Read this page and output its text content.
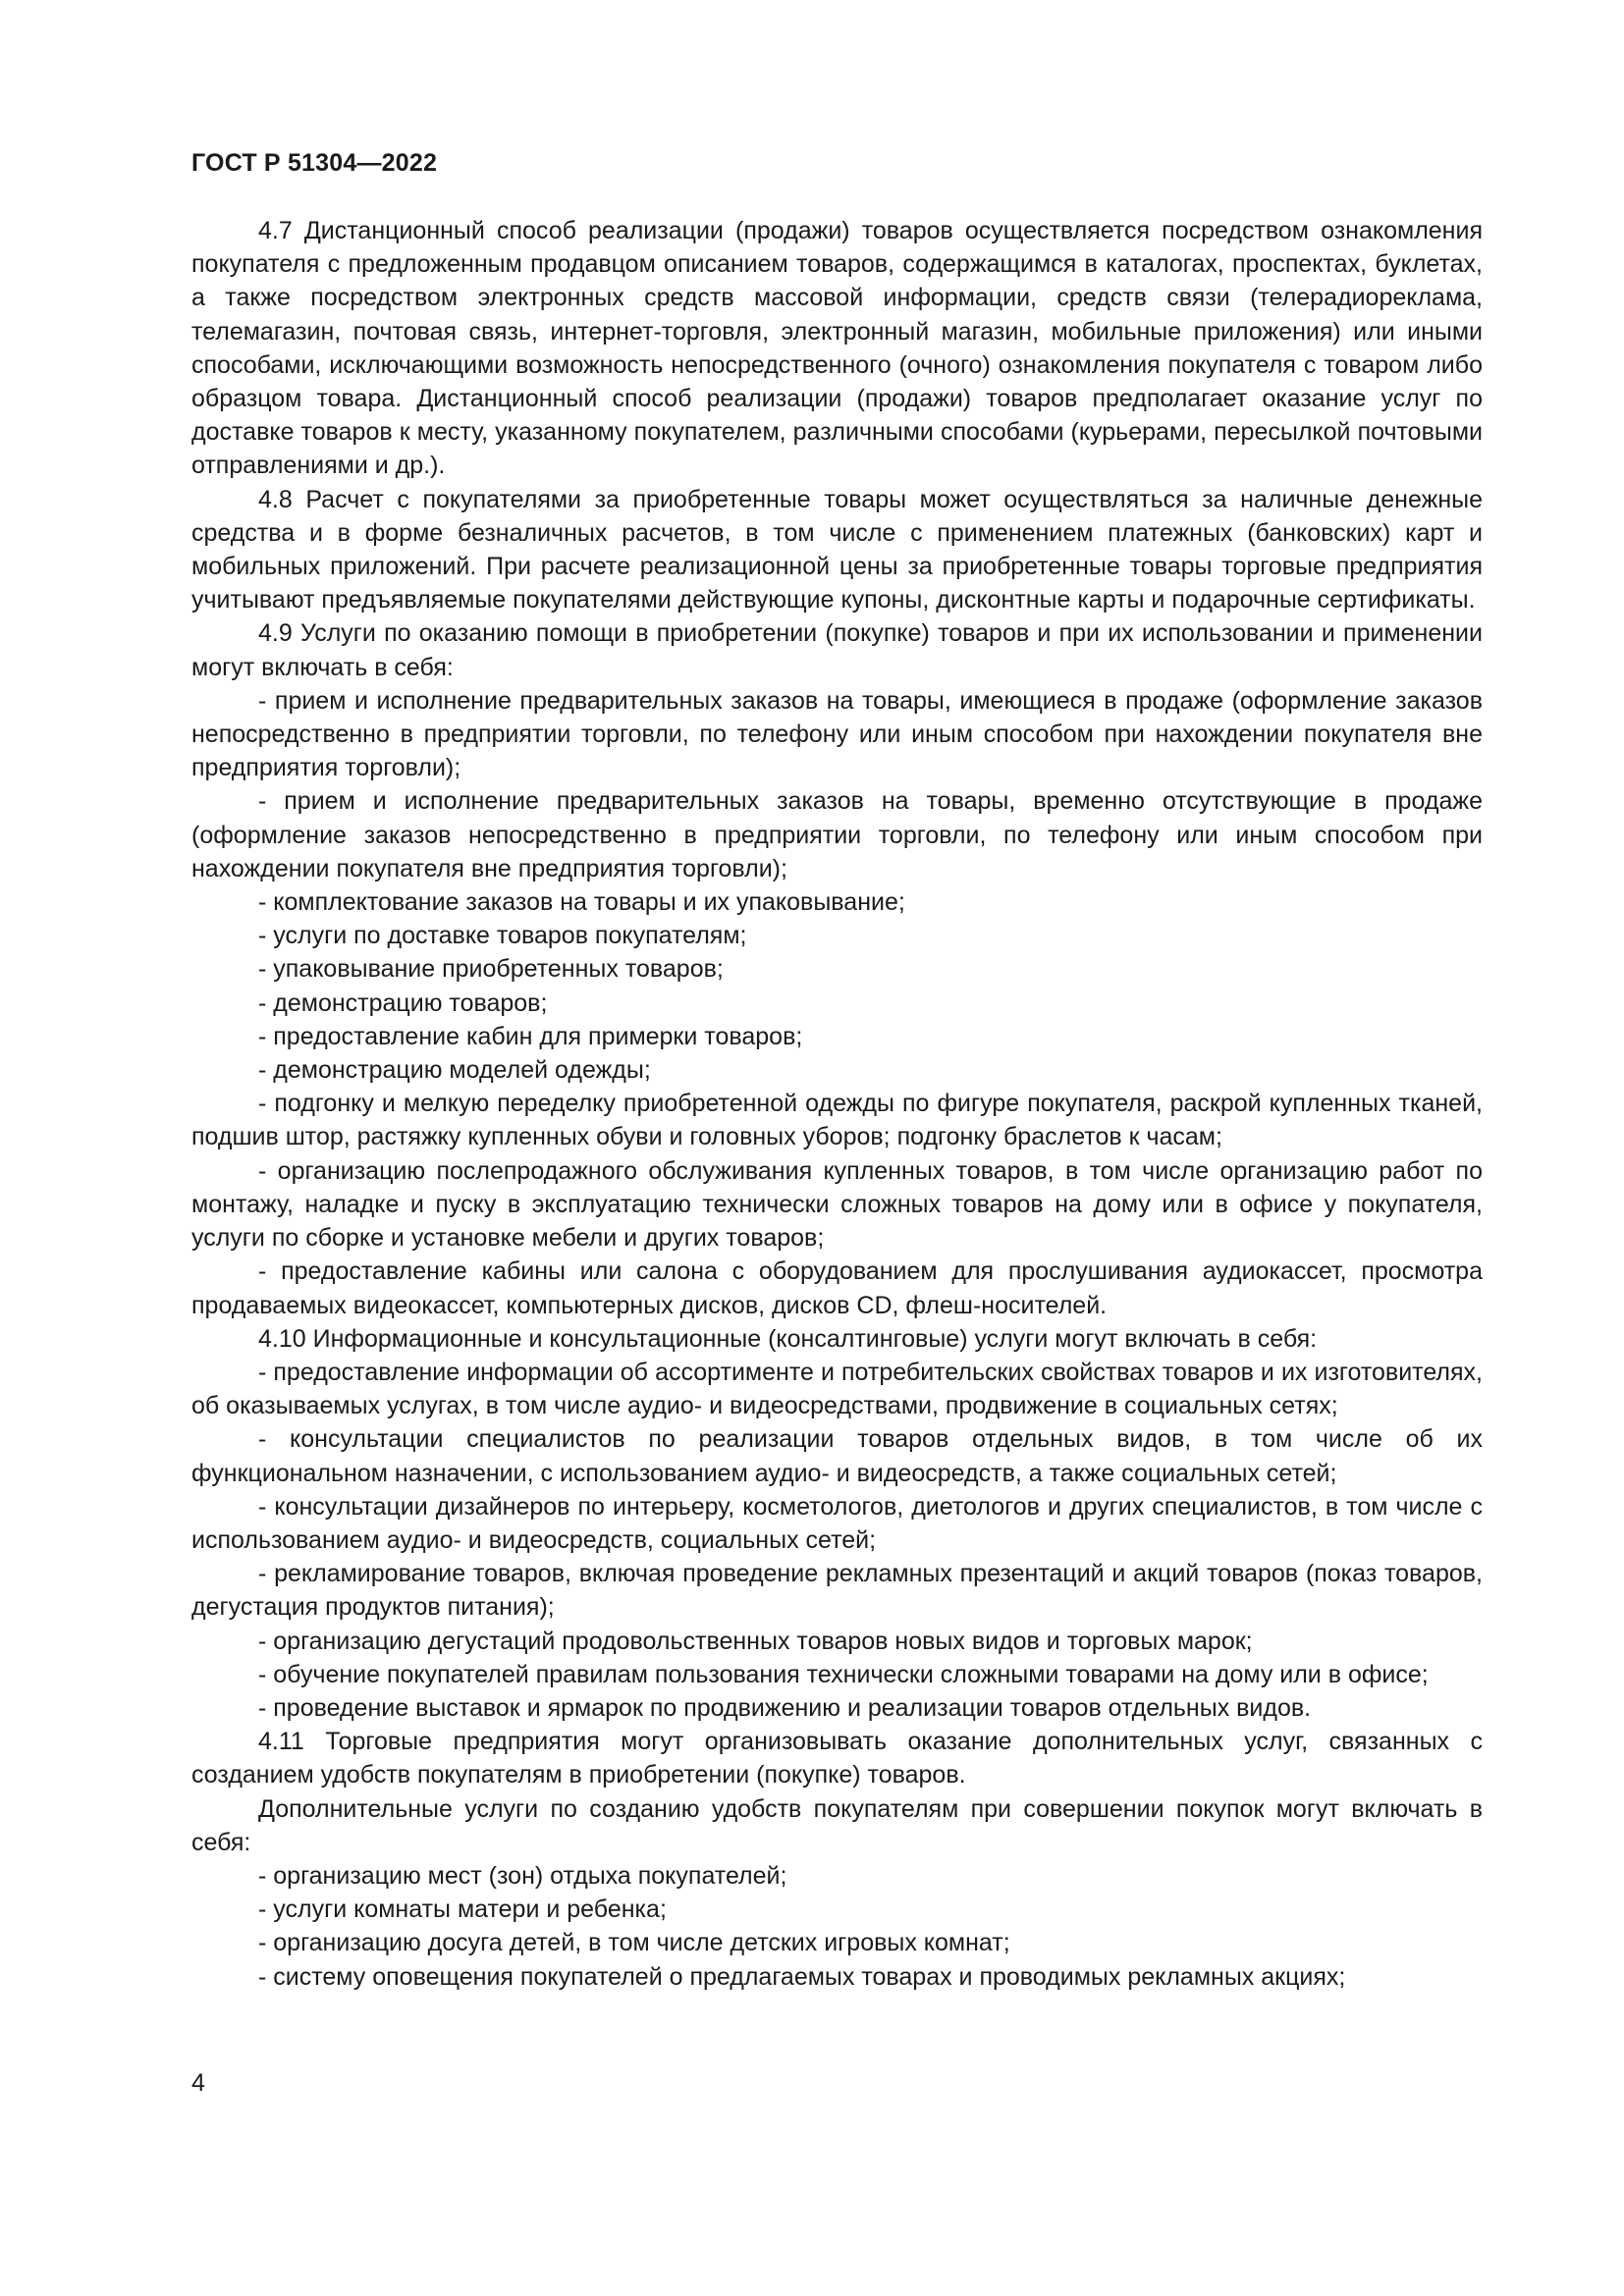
ГОСТ Р 51304—2022

4.7 Дистанционный способ реализации (продажи) товаров осуществляется посредством ознакомления покупателя с предложенным продавцом описанием товаров, содержащимся в каталогах, проспектах, буклетах, а также посредством электронных средств массовой информации, средств связи (телерадиореклама, телемагазин, почтовая связь, интернет-торговля, электронный магазин, мобильные приложения) или иными способами, исключающими возможность непосредственного (очного) ознакомления покупателя с товаром либо образцом товара. Дистанционный способ реализации (продажи) товаров предполагает оказание услуг по доставке товаров к месту, указанному покупателем, различными способами (курьерами, пересылкой почтовыми отправлениями и др.).

4.8 Расчет с покупателями за приобретенные товары может осуществляться за наличные денежные средства и в форме безналичных расчетов, в том числе с применением платежных (банковских) карт и мобильных приложений. При расчете реализационной цены за приобретенные товары торговые предприятия учитывают предъявляемые покупателями действующие купоны, дисконтные карты и подарочные сертификаты.

4.9 Услуги по оказанию помощи в приобретении (покупке) товаров и при их использовании и применении могут включать в себя:

- прием и исполнение предварительных заказов на товары, имеющиеся в продаже (оформление заказов непосредственно в предприятии торговли, по телефону или иным способом при нахождении покупателя вне предприятия торговли);

- прием и исполнение предварительных заказов на товары, временно отсутствующие в продаже (оформление заказов непосредственно в предприятии торговли, по телефону или иным способом при нахождении покупателя вне предприятия торговли);

- комплектование заказов на товары и их упаковывание;

- услуги по доставке товаров покупателям;

- упаковывание приобретенных товаров;

- демонстрацию товаров;

- предоставление кабин для примерки товаров;

- демонстрацию моделей одежды;

- подгонку и мелкую переделку приобретенной одежды по фигуре покупателя, раскрой купленных тканей, подшив штор, растяжку купленных обуви и головных уборов; подгонку браслетов к часам;

- организацию послепродажного обслуживания купленных товаров, в том числе организацию работ по монтажу, наладке и пуску в эксплуатацию технически сложных товаров на дому или в офисе у покупателя, услуги по сборке и установке мебели и других товаров;

- предоставление кабины или салона с оборудованием для прослушивания аудиокассет, просмотра продаваемых видеокассет, компьютерных дисков, дисков CD, флеш-носителей.

4.10 Информационные и консультационные (консалтинговые) услуги могут включать в себя:

- предоставление информации об ассортименте и потребительских свойствах товаров и их изготовителях, об оказываемых услугах, в том числе аудио- и видеосредствами, продвижение в социальных сетях;

- консультации специалистов по реализации товаров отдельных видов, в том числе об их функциональном назначении, с использованием аудио- и видеосредств, а также социальных сетей;

- консультации дизайнеров по интерьеру, косметологов, диетологов и других специалистов, в том числе с использованием аудио- и видеосредств, социальных сетей;

- рекламирование товаров, включая проведение рекламных презентаций и акций товаров (показ товаров, дегустация продуктов питания);

- организацию дегустаций продовольственных товаров новых видов и торговых марок;

- обучение покупателей правилам пользования технически сложными товарами на дому или в офисе;

- проведение выставок и ярмарок по продвижению и реализации товаров отдельных видов.

4.11 Торговые предприятия могут организовывать оказание дополнительных услуг, связанных с созданием удобств покупателям в приобретении (покупке) товаров.

Дополнительные услуги по созданию удобств покупателям при совершении покупок могут включать в себя:

- организацию мест (зон) отдыха покупателей;

- услуги комнаты матери и ребенка;

- организацию досуга детей, в том числе детских игровых комнат;

- систему оповещения покупателей о предлагаемых товарах и проводимых рекламных акциях;

4
